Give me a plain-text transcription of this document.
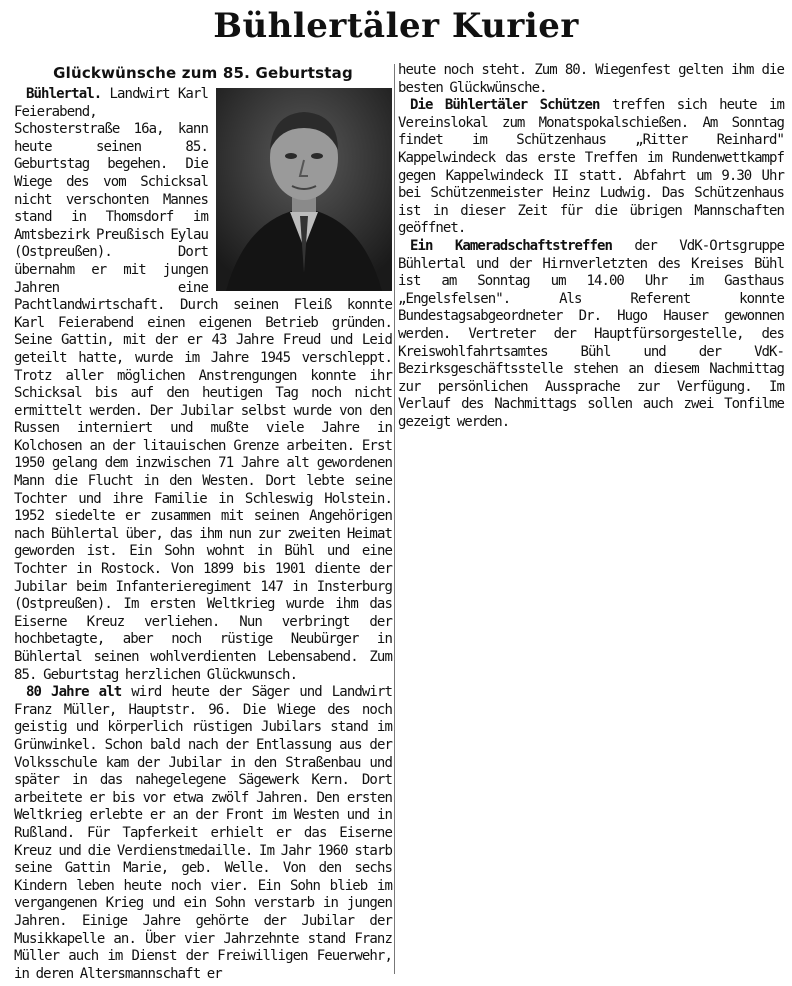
Bühlertäler Kurier
Glückwünsche zum 85. Geburtstag

Bühlertal. Landwirt Karl Feierabend, Schosterstraße 16a, kann heute seinen 85. Geburtstag begehen. Die Wiege des vom Schicksal nicht verschonten Mannes stand in Thomsdorf im Amtsbezirk Preußisch Eylau (Ostpreußen). Dort übernahm er mit jungen Jahren eine Pachtlandwirtschaft. Durch seinen Fleiß konnte Karl Feierabend einen eigenen Betrieb gründen. Seine Gattin, mit der er 43 Jahre Freud und Leid geteilt hatte, wurde im Jahre 1945 verschleppt. Trotz aller möglichen Anstrengungen konnte ihr Schicksal bis auf den heutigen Tag noch nicht ermittelt werden. Der Jubilar selbst wurde von den Russen interniert und mußte viele Jahre in Kolchosen an der litauischen Grenze arbeiten. Erst 1950 gelang dem inzwischen 71 Jahre alt gewordenen Mann die Flucht in den Westen. Dort lebte seine Tochter und ihre Familie in Schleswig Holstein. 1952 siedelte er zusammen mit seinen Angehörigen nach Bühlertal über, das ihm nun zur zweiten Heimat geworden ist. Ein Sohn wohnt in Bühl und eine Tochter in Rostock. Von 1899 bis 1901 diente der Jubilar beim Infanterieregiment 147 in Insterburg (Ostpreußen). Im ersten Weltkrieg wurde ihm das Eiserne Kreuz verliehen. Nun verbringt der hochbetagte, aber noch rüstige Neubürger in Bühlertal seinen wohlverdienten Lebensabend. Zum 85. Geburtstag herzlichen Glückwunsch.

80 Jahre alt wird heute der Säger und Landwirt Franz Müller, Hauptstr. 96. Die Wiege des noch geistig und körperlich rüstigen Jubilars stand im Grünwinkel. Schon bald nach der Entlassung aus der Volksschule kam der Jubilar in den Straßenbau und später in das nahegelegene Sägewerk Kern. Dort arbeitete er bis vor etwa zwölf Jahren. Den ersten Weltkrieg erlebte er an der Front im Westen und in Rußland. Für Tapferkeit erhielt er das Eiserne Kreuz und die Verdienstmedaille. Im Jahr 1960 starb seine Gattin Marie, geb. Welle. Von den sechs Kindern leben heute noch vier. Ein Sohn blieb im vergangenen Krieg und ein Sohn verstarb in jungen Jahren. Einige Jahre gehörte der Jubilar der Musikkapelle an. Über vier Jahrzehnte stand Franz Müller auch im Dienst der Freiwilligen Feuerwehr, in deren Altersmannschaft er

heute noch steht. Zum 80. Wiegenfest gelten ihm die besten Glückwünsche.

Die Bühlertäler Schützen treffen sich heute im Vereinslokal zum Monatspokalschießen. Am Sonntag findet im Schützenhaus „Ritter Reinhard" Kappelwindeck das erste Treffen im Rundenwettkampf gegen Kappelwindeck II statt. Abfahrt um 9.30 Uhr bei Schützenmeister Heinz Ludwig. Das Schützenhaus ist in dieser Zeit für die übrigen Mannschaften geöffnet.

Ein Kameradschaftstreffen der VdK-Ortsgruppe Bühlertal und der Hirnverletzten des Kreises Bühl ist am Sonntag um 14.00 Uhr im Gasthaus „Engelsfelsen". Als Referent konnte Bundestagsabgeordneter Dr. Hugo Hauser gewonnen werden. Vertreter der Hauptfürsorgestelle, des Kreiswohlfahrtsamtes Bühl und der VdK-Bezirksgeschäftsstelle stehen an diesem Nachmittag zur persönlichen Aussprache zur Verfügung. Im Verlauf des Nachmittags sollen auch zwei Tonfilme gezeigt werden.
